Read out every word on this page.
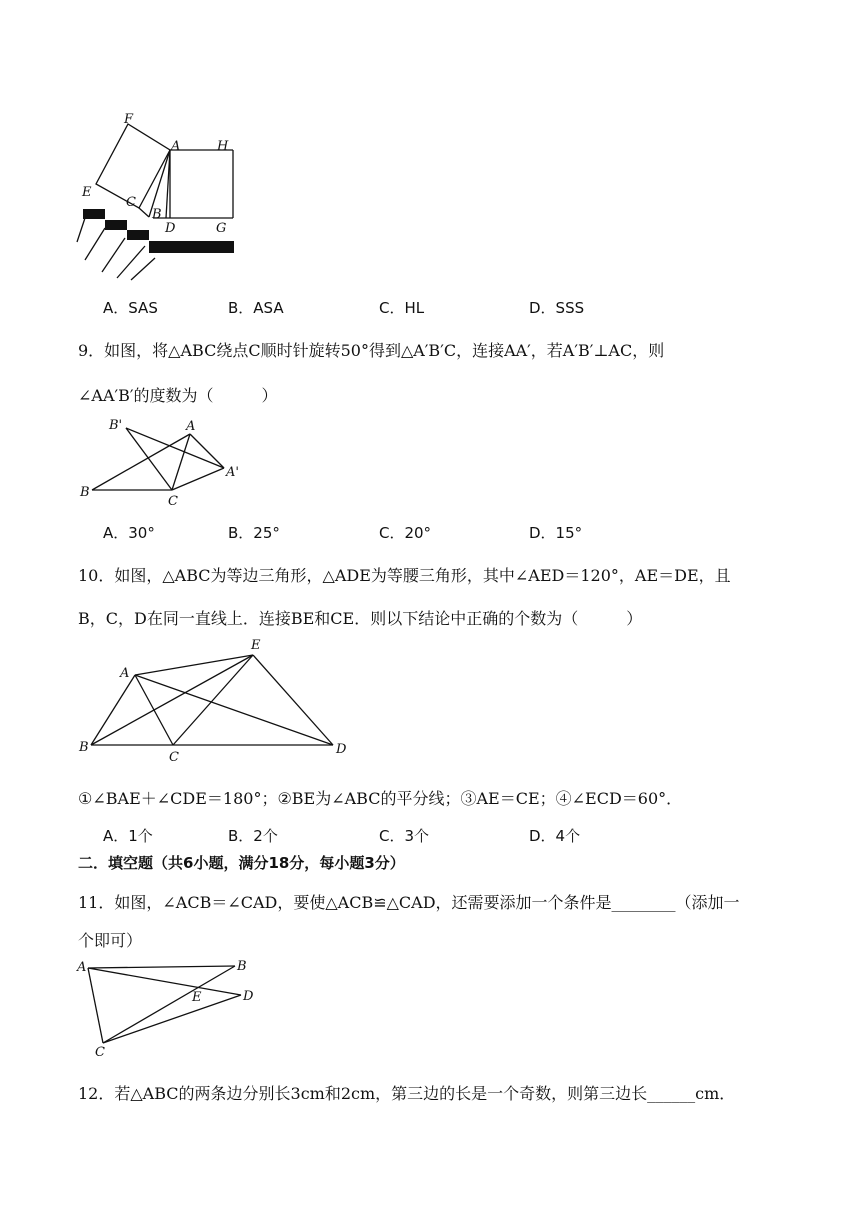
F
A	H
E
C
B
D	G
A．SAS	B．ASA	C．HL	D．SSS
9．如图，将△ABC绕点C顺时针旋转50°得到△A′B′C，连接AA′，若A′B′⊥AC，则
∠AA′B′的度数为（　　　）
B'	A
A'
B
C
A．30°	B．25°	C．20°	D．15°
10．如图，△ABC为等边三角形，△ADE为等腰三角形，其中∠AED＝120°，AE＝DE，且
B，C，D在同一直线上．连接BE和CE．则以下结论中正确的个数为（　　　）
A
E
B
C
D
①∠BAE＋∠CDE＝180°；②BE为∠ABC的平分线；③AE＝CE；④∠ECD＝60°．
A．1个	B．2个	C．3个	D．4个
二．填空题（共6小题，满分18分，每小题3分）
11．如图，∠ACB＝∠CAD，要使△ACB≌△CAD，还需要添加一个条件是________（添加一
个即可）
A	B
E	D
C
12．若△ABC的两条边分别长3cm和2cm，第三边的长是一个奇数，则第三边长______cm．
